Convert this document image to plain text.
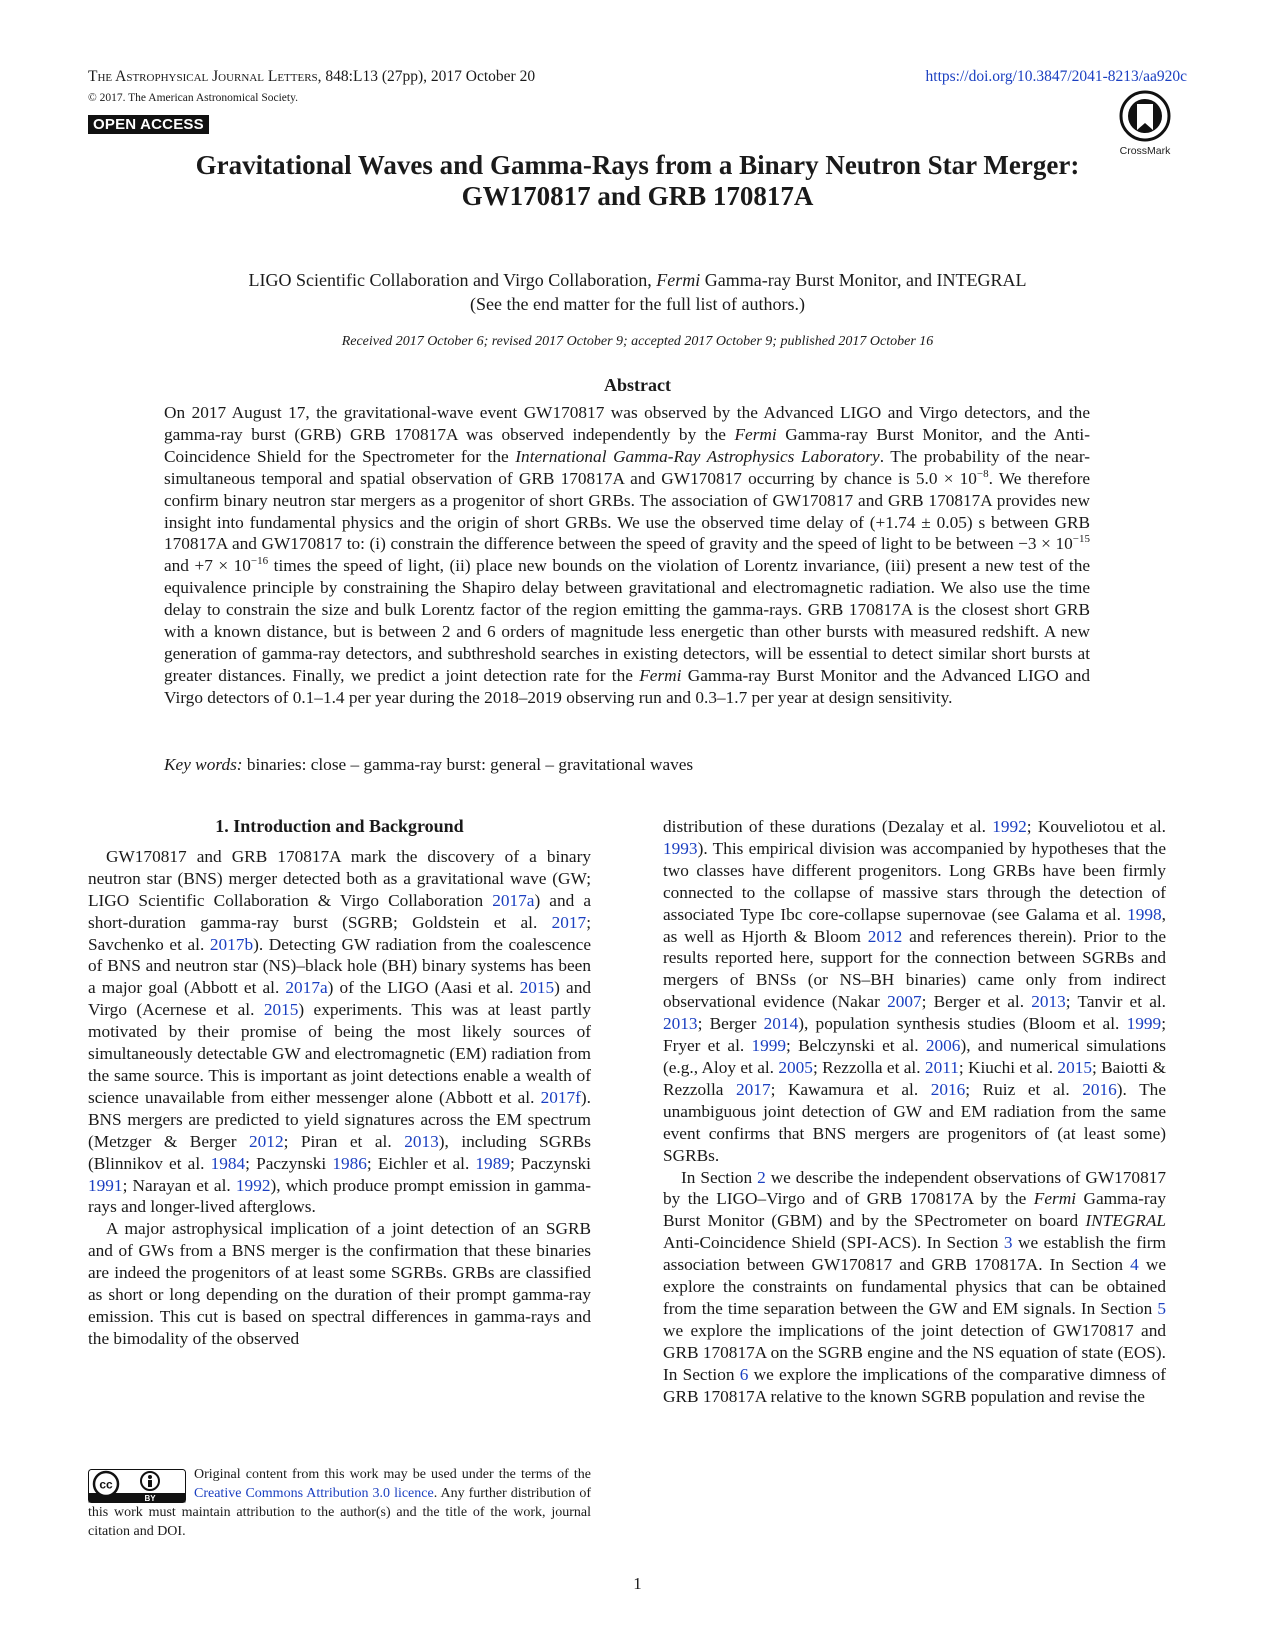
The Astrophysical Journal Letters, 848:L13 (27pp), 2017 October 20
© 2017. The American Astronomical Society.
OPEN ACCESS
https://doi.org/10.3847/2041-8213/aa920c
CrossMark
Gravitational Waves and Gamma-Rays from a Binary Neutron Star Merger:
GW170817 and GRB 170817A
LIGO Scientific Collaboration and Virgo Collaboration, Fermi Gamma-ray Burst Monitor, and INTEGRAL
(See the end matter for the full list of authors.)
Received 2017 October 6; revised 2017 October 9; accepted 2017 October 9; published 2017 October 16
Abstract

On 2017 August 17, the gravitational-wave event GW170817 was observed by the Advanced LIGO and Virgo detectors, and the gamma-ray burst (GRB) GRB 170817A was observed independently by the Fermi Gamma-ray Burst Monitor, and the Anti-Coincidence Shield for the Spectrometer for the International Gamma-Ray Astrophysics Laboratory. The probability of the near-simultaneous temporal and spatial observation of GRB 170817A and GW170817 occurring by chance is $5.0 \times 10^{-8}$. We therefore confirm binary neutron star mergers as a progenitor of short GRBs. The association of GW170817 and GRB 170817A provides new insight into fundamental physics and the origin of short GRBs. We use the observed time delay of (+1.74 ± 0.05) s between GRB 170817A and GW170817 to: (i) constrain the difference between the speed of gravity and the speed of light to be between $-3 \times 10^{-15}$ and $+7 \times 10^{-16}$ times the speed of light, (ii) place new bounds on the violation of Lorentz invariance, (iii) present a new test of the equivalence principle by constraining the Shapiro delay between gravitational and electromagnetic radiation. We also use the time delay to constrain the size and bulk Lorentz factor of the region emitting the gamma-rays. GRB 170817A is the closest short GRB with a known distance, but is between 2 and 6 orders of magnitude less energetic than other bursts with measured redshift. A new generation of gamma-ray detectors, and subthreshold searches in existing detectors, will be essential to detect similar short bursts at greater distances. Finally, we predict a joint detection rate for the Fermi Gamma-ray Burst Monitor and the Advanced LIGO and Virgo detectors of 0.1–1.4 per year during the 2018–2019 observing run and 0.3–1.7 per year at design sensitivity.

Key words: binaries: close – gamma-ray burst: general – gravitational waves
1. Introduction and Background

GW170817 and GRB 170817A mark the discovery of a binary neutron star (BNS) merger detected both as a gravitational wave (GW; LIGO Scientific Collaboration & Virgo Collaboration 2017a) and a short-duration gamma-ray burst (SGRB; Goldstein et al. 2017; Savchenko et al. 2017b). Detecting GW radiation from the coalescence of BNS and neutron star (NS)–black hole (BH) binary systems has been a major goal (Abbott et al. 2017a) of the LIGO (Aasi et al. 2015) and Virgo (Acernese et al. 2015) experiments. This was at least partly motivated by their promise of being the most likely sources of simultaneously detectable GW and electromagnetic (EM) radiation from the same source. This is important as joint detections enable a wealth of science unavailable from either messenger alone (Abbott et al. 2017f). BNS mergers are predicted to yield signatures across the EM spectrum (Metzger & Berger 2012; Piran et al. 2013), including SGRBs (Blinnikov et al. 1984; Paczynski 1986; Eichler et al. 1989; Paczynski 1991; Narayan et al. 1992), which produce prompt emission in gamma-rays and longer-lived afterglows.

A major astrophysical implication of a joint detection of an SGRB and of GWs from a BNS merger is the confirmation that these binaries are indeed the progenitors of at least some SGRBs. GRBs are classified as short or long depending on the duration of their prompt gamma-ray emission. This cut is based on spectral differences in gamma-rays and the bimodality of the observed

cc
BY
Original content from this work may be used under the terms of the Creative Commons Attribution 3.0 licence. Any further distribution of this work must maintain attribution to the author(s) and the title of the work, journal citation and DOI.

distribution of these durations (Dezalay et al. 1992; Kouveliotou et al. 1993). This empirical division was accompanied by hypotheses that the two classes have different progenitors. Long GRBs have been firmly connected to the collapse of massive stars through the detection of associated Type Ibc core-collapse supernovae (see Galama et al. 1998, as well as Hjorth & Bloom 2012 and references therein). Prior to the results reported here, support for the connection between SGRBs and mergers of BNSs (or NS–BH binaries) came only from indirect observational evidence (Nakar 2007; Berger et al. 2013; Tanvir et al. 2013; Berger 2014), population synthesis studies (Bloom et al. 1999; Fryer et al. 1999; Belczynski et al. 2006), and numerical simulations (e.g., Aloy et al. 2005; Rezzolla et al. 2011; Kiuchi et al. 2015; Baiotti & Rezzolla 2017; Kawamura et al. 2016; Ruiz et al. 2016). The unambiguous joint detection of GW and EM radiation from the same event confirms that BNS mergers are progenitors of (at least some) SGRBs.

In Section 2 we describe the independent observations of GW170817 by the LIGO–Virgo and of GRB 170817A by the Fermi Gamma-ray Burst Monitor (GBM) and by the SPectrometer on board INTEGRAL Anti-Coincidence Shield (SPI-ACS). In Section 3 we establish the firm association between GW170817 and GRB 170817A. In Section 4 we explore the constraints on fundamental physics that can be obtained from the time separation between the GW and EM signals. In Section 5 we explore the implications of the joint detection of GW170817 and GRB 170817A on the SGRB engine and the NS equation of state (EOS). In Section 6 we explore the implications of the comparative dimness of GRB 170817A relative to the known SGRB population and revise the

1
